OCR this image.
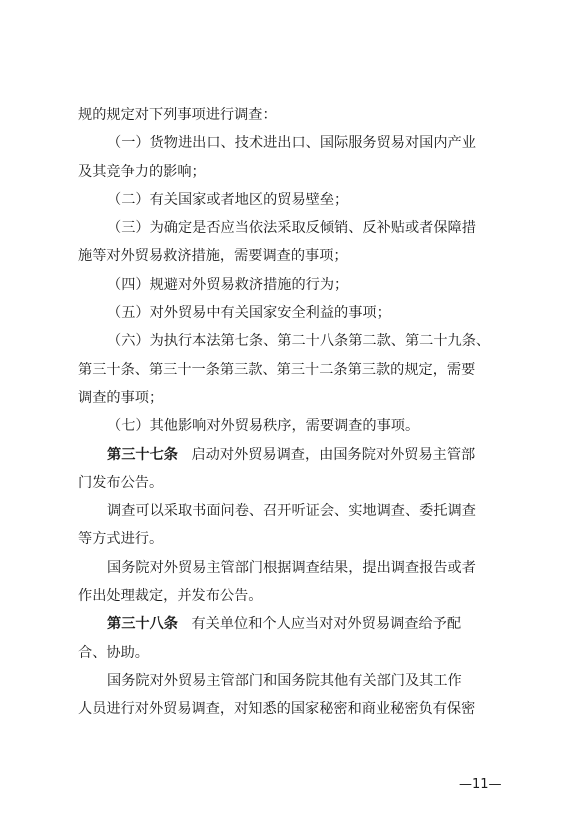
规的规定对下列事项进行调查：
（一）货物进出口、技术进出口、国际服务贸易对国内产业
及其竞争力的影响；
（二）有关国家或者地区的贸易壁垒；
（三）为确定是否应当依法采取反倾销、反补贴或者保障措
施等对外贸易救济措施，需要调查的事项；
（四）规避对外贸易救济措施的行为；
（五）对外贸易中有关国家安全利益的事项；
（六）为执行本法第七条、第二十八条第二款、第二十九条、
第三十条、第三十一条第三款、第三十二条第三款的规定，需要
调查的事项；
（七）其他影响对外贸易秩序，需要调查的事项。
第三十七条 启动对外贸易调查，由国务院对外贸易主管部
门发布公告。
调查可以采取书面问卷、召开听证会、实地调查、委托调查
等方式进行。
国务院对外贸易主管部门根据调查结果，提出调查报告或者
作出处理裁定，并发布公告。
第三十八条 有关单位和个人应当对对外贸易调查给予配
合、协助。
国务院对外贸易主管部门和国务院其他有关部门及其工作
人员进行对外贸易调查，对知悉的国家秘密和商业秘密负有保密
—11—
